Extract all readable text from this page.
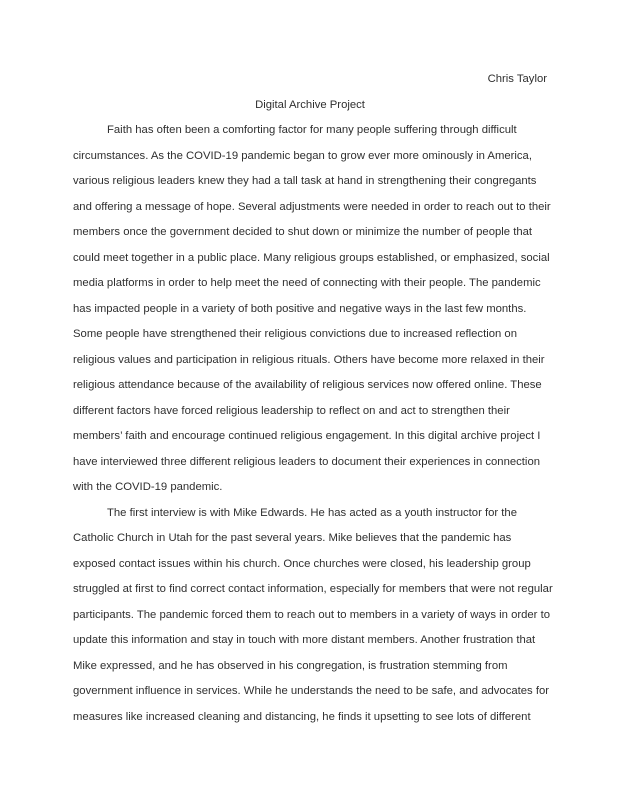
Chris Taylor
Digital Archive Project
Faith has often been a comforting factor for many people suffering through difficult
circumstances. As the COVID-19 pandemic began to grow ever more ominously in America,
various religious leaders knew they had a tall task at hand in strengthening their congregants
and offering a message of hope. Several adjustments were needed in order to reach out to their
members once the government decided to shut down or minimize the number of people that
could meet together in a public place. Many religious groups established, or emphasized, social
media platforms in order to help meet the need of connecting with their people. The pandemic
has impacted people in a variety of both positive and negative ways in the last few months.
Some people have strengthened their religious convictions due to increased reflection on
religious values and participation in religious rituals. Others have become more relaxed in their
religious attendance because of the availability of religious services now offered online. These
different factors have forced religious leadership to reflect on and act to strengthen their
members’ faith and encourage continued religious engagement. In this digital archive project I
have interviewed three different religious leaders to document their experiences in connection
with the COVID-19 pandemic.
The first interview is with Mike Edwards. He has acted as a youth instructor for the
Catholic Church in Utah for the past several years. Mike believes that the pandemic has
exposed contact issues within his church. Once churches were closed, his leadership group
struggled at first to find correct contact information, especially for members that were not regular
participants. The pandemic forced them to reach out to members in a variety of ways in order to
update this information and stay in touch with more distant members. Another frustration that
Mike expressed, and he has observed in his congregation, is frustration stemming from
government influence in services. While he understands the need to be safe, and advocates for
measures like increased cleaning and distancing, he finds it upsetting to see lots of different
